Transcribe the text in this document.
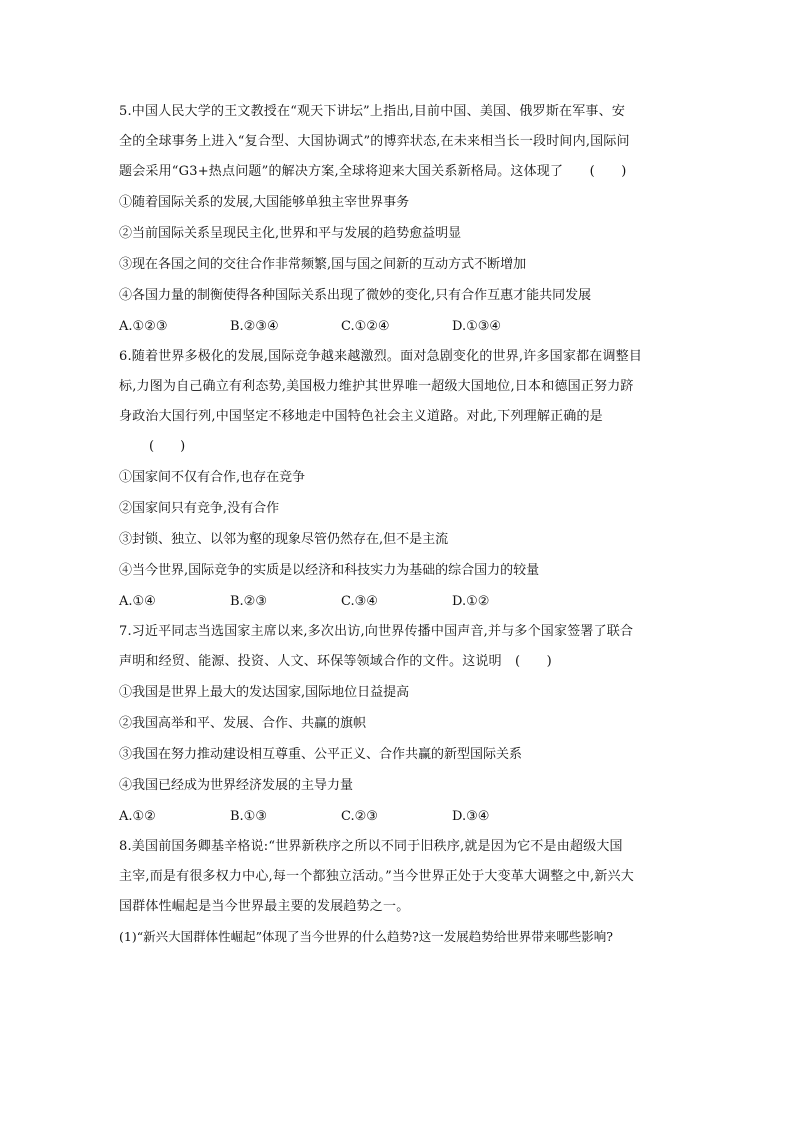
5.中国人民大学的王文教授在“观天下讲坛”上指出,目前中国、美国、俄罗斯在军事、安

全的全球事务上进入“复合型、大国协调式”的博弈状态,在未来相当长一段时间内,国际问

题会采用“G3+热点问题”的解决方案,全球将迎来大国关系新格局。这体现了　　(　　)

①随着国际关系的发展,大国能够单独主宰世界事务

②当前国际关系呈现民主化,世界和平与发展的趋势愈益明显

③现在各国之间的交往合作非常频繁,国与国之间新的互动方式不断增加

④各国力量的制衡使得各种国际关系出现了微妙的变化,只有合作互惠才能共同发展

A.①②③	B.②③④	C.①②④	D.①③④

6.随着世界多极化的发展,国际竞争越来越激烈。面对急剧变化的世界,许多国家都在调整目

标,力图为自己确立有利态势,美国极力维护其世界唯一超级大国地位,日本和德国正努力跻

身政治大国行列,中国坚定不移地走中国特色社会主义道路。对此,下列理解正确的是

(　　)

①国家间不仅有合作,也存在竞争

②国家间只有竞争,没有合作

③封锁、独立、以邻为壑的现象尽管仍然存在,但不是主流

④当今世界,国际竞争的实质是以经济和科技实力为基础的综合国力的较量

A.①④	B.②③	C.③④	D.①②

7.习近平同志当选国家主席以来,多次出访,向世界传播中国声音,并与多个国家签署了联合

声明和经贸、能源、投资、人文、环保等领域合作的文件。这说明　(　　)

①我国是世界上最大的发达国家,国际地位日益提高

②我国高举和平、发展、合作、共赢的旗帜

③我国在努力推动建设相互尊重、公平正义、合作共赢的新型国际关系

④我国已经成为世界经济发展的主导力量

A.①②	B.①③	C.②③	D.③④

8.美国前国务卿基辛格说:“世界新秩序之所以不同于旧秩序,就是因为它不是由超级大国

主宰,而是有很多权力中心,每一个都独立活动。”当今世界正处于大变革大调整之中,新兴大

国群体性崛起是当今世界最主要的发展趋势之一。

(1)“新兴大国群体性崛起”体现了当今世界的什么趋势?这一发展趋势给世界带来哪些影响?
